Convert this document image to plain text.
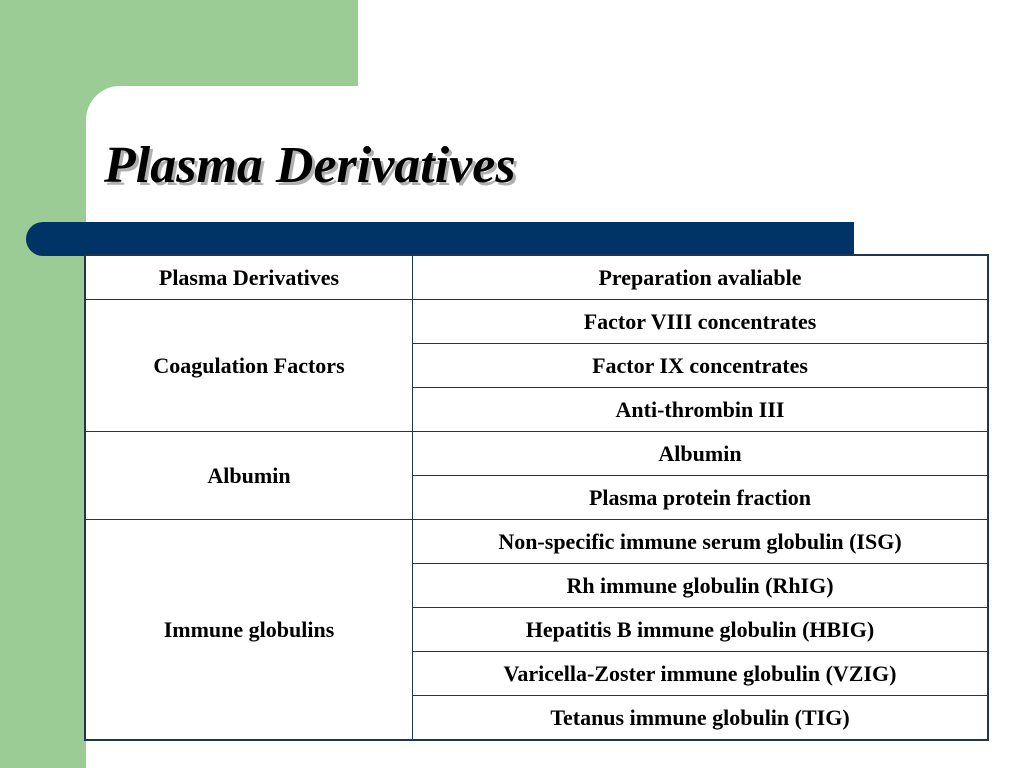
Plasma Derivatives
Plasma Derivatives	Preparation avaliable
Coagulation Factors	Factor VIII concentrates
	Factor IX concentrates
	Anti-thrombin III
Albumin	Albumin
	Plasma protein fraction
Immune globulins	Non-specific immune serum globulin (ISG)
	Rh immune globulin (RhIG)
	Hepatitis B immune globulin (HBIG)
	Varicella-Zoster immune globulin (VZIG)
	Tetanus immune globulin (TIG)
